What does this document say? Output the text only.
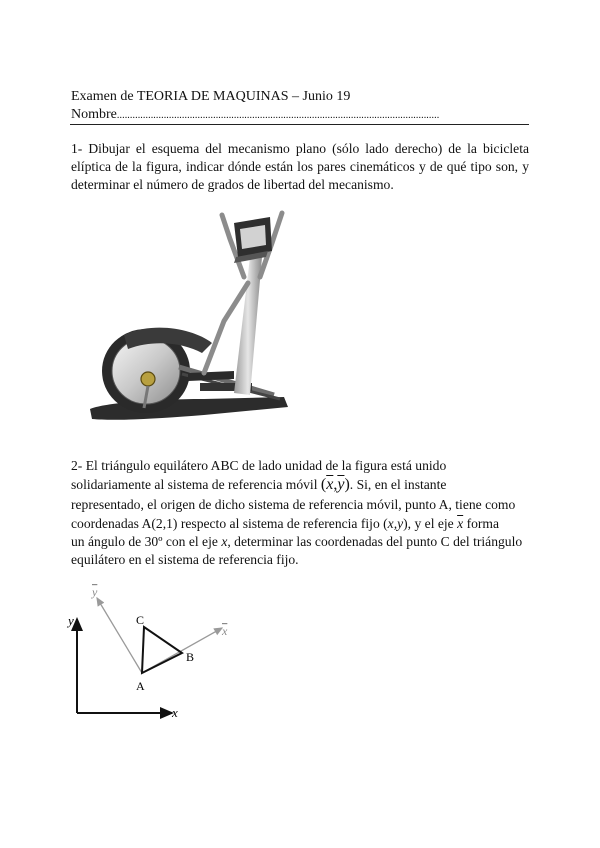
Examen de TEORIA DE MAQUINAS – Junio 19
Nombre............................................................................................................................
1- Dibujar el esquema del mecanismo plano (sólo lado derecho) de la bicicleta elíptica de la figura, indicar dónde están los pares cinemáticos y de qué tipo son, y determinar el número de grados de libertad del mecanismo.
2- El triángulo equilátero ABC de lado unidad de la figura está unido
solidariamente al sistema de referencia móvil $(\overline{x},\overline{y})$. Si, en el instante
representado, el origen de dicho sistema de referencia móvil, punto A, tiene como
coordenadas A(2,1) respecto al sistema de referencia fijo (x,y), y el eje $\overline{x}$ forma
un ángulo de 30º con el eje x, determinar las coordenadas del punto C del triángulo
equilátero en el sistema de referencia fijo.
y
x
y
x
A
B
C
